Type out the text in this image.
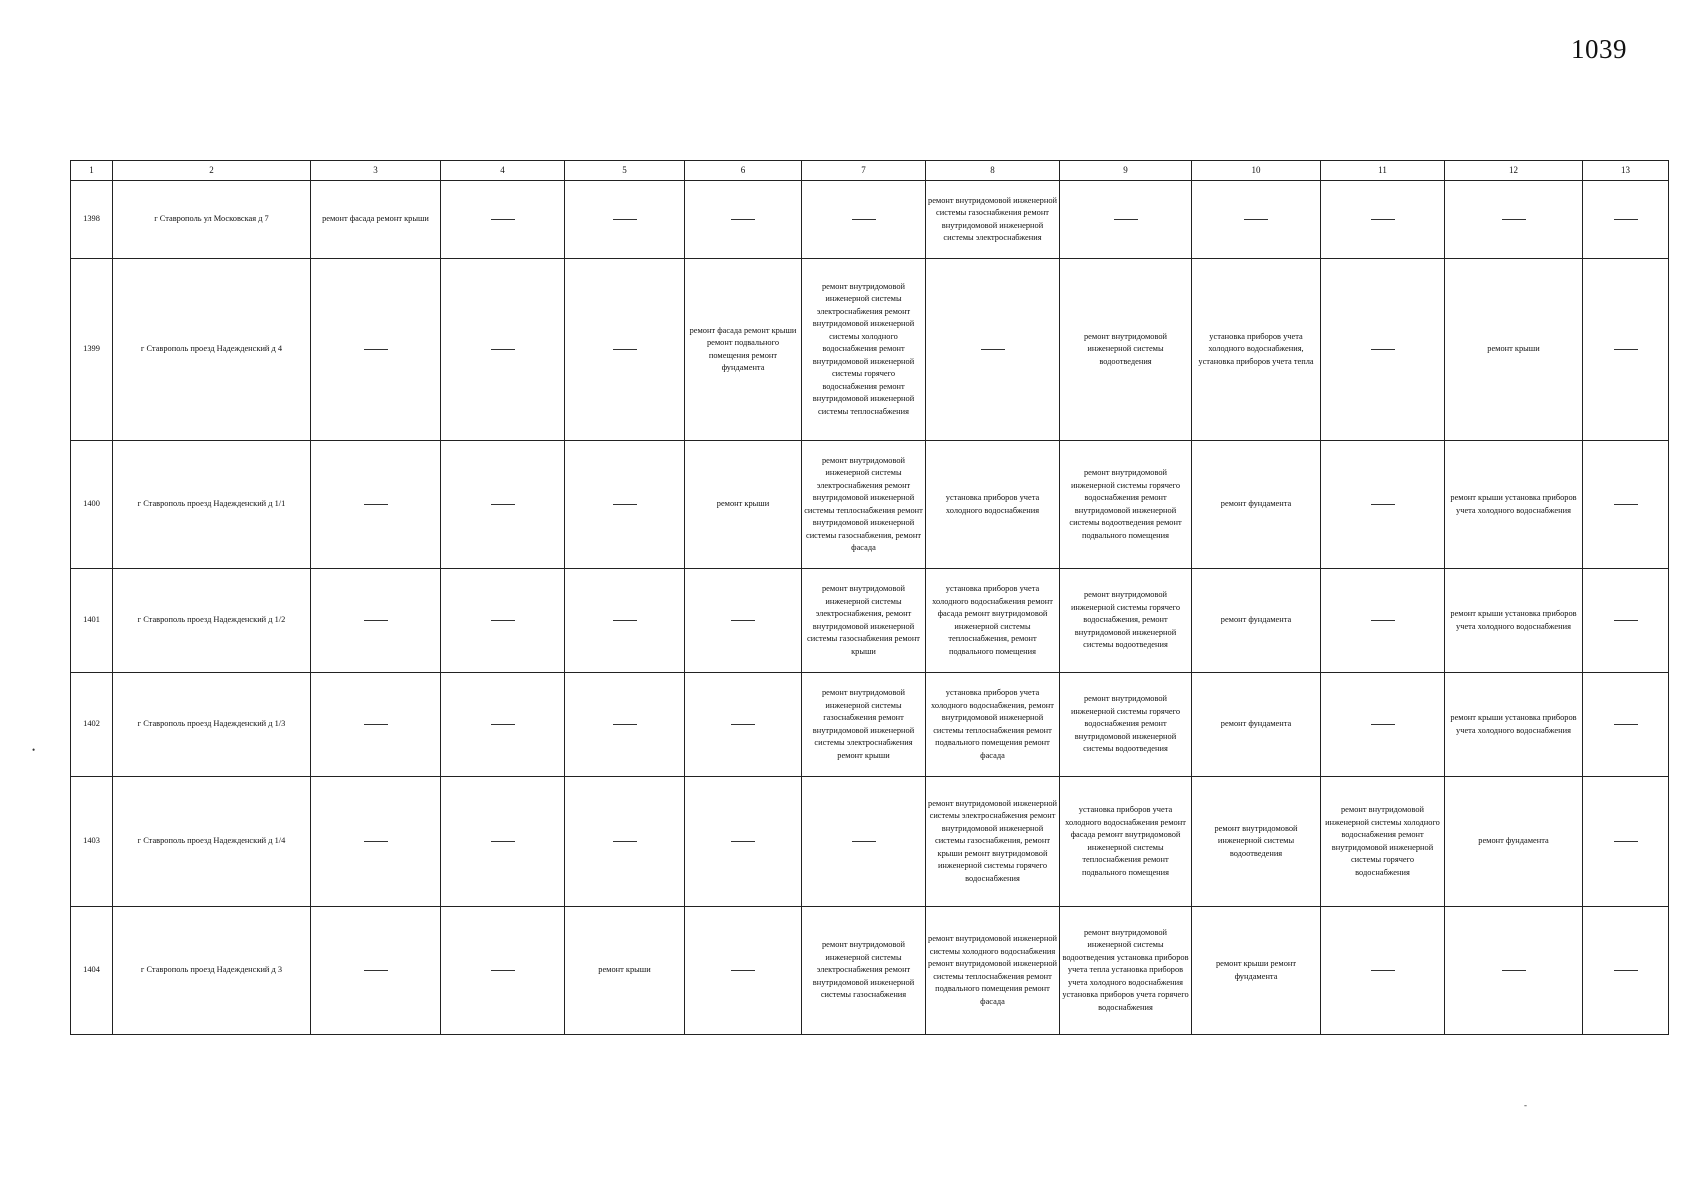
1039
•
-
1	2	3	4	5	6	7	8	9	10	11	12	13
1398	г Ставрополь ул Московская д 7	ремонт фасада ремонт крыши					ремонт внутридомовой инженерной системы газоснабжения ремонт внутридомовой инженерной системы электроснабжения					
1399	г Ставрополь проезд Надежденский д 4				ремонт фасада ремонт крыши ремонт подвального помещения ремонт фундамента	ремонт внутридомовой инженерной системы электроснабжения ремонт внутридомовой инженерной системы холодного водоснабжения ремонт внутридомовой инженерной системы горячего водоснабжения ремонт внутридомовой инженерной системы теплоснабжения		ремонт внутридомовой инженерной системы водоотведения	установка приборов учета холодного водоснабжения, установка приборов учета тепла		ремонт крыши	
1400	г Ставрополь проезд Надежденский д 1/1				ремонт крыши	ремонт внутридомовой инженерной системы электроснабжения ремонт внутридомовой инженерной системы теплоснабжения ремонт внутридомовой инженерной системы газоснабжения, ремонт фасада	установка приборов учета холодного водоснабжения	ремонт внутридомовой инженерной системы горячего водоснабжения ремонт внутридомовой инженерной системы водоотведения ремонт подвального помещения	ремонт фундамента		ремонт крыши установка приборов учета холодного водоснабжения	
1401	г Ставрополь проезд Надежденский д 1/2					ремонт внутридомовой инженерной системы электроснабжения, ремонт внутридомовой инженерной системы газоснабжения ремонт крыши	установка приборов учета холодного водоснабжения ремонт фасада ремонт внутридомовой инженерной системы теплоснабжения, ремонт подвального помещения	ремонт внутридомовой инженерной системы горячего водоснабжения, ремонт внутридомовой инженерной системы водоотведения	ремонт фундамента		ремонт крыши установка приборов учета холодного водоснабжения	
1402	г Ставрополь проезд Надежденский д 1/3					ремонт внутридомовой инженерной системы газоснабжения ремонт внутридомовой инженерной системы электроснабжения ремонт крыши	установка приборов учета холодного водоснабжения, ремонт внутридомовой инженерной системы теплоснабжения ремонт подвального помещения ремонт фасада	ремонт внутридомовой инженерной системы горячего водоснабжения ремонт внутридомовой инженерной системы водоотведения	ремонт фундамента		ремонт крыши установка приборов учета холодного водоснабжения	
1403	г Ставрополь проезд Надежденский д 1/4						ремонт внутридомовой инженерной системы электроснабжения ремонт внутридомовой инженерной системы газоснабжения, ремонт крыши ремонт внутридомовой инженерной системы горячего водоснабжения	установка приборов учета холодного водоснабжения ремонт фасада ремонт внутридомовой инженерной системы теплоснабжения ремонт подвального помещения	ремонт внутридомовой инженерной системы водоотведения	ремонт внутридомовой инженерной системы холодного водоснабжения ремонт внутридомовой инженерной системы горячего водоснабжения	ремонт фундамента	
1404	г Ставрополь проезд Надежденский д 3			ремонт крыши		ремонт внутридомовой инженерной системы электроснабжения ремонт внутридомовой инженерной системы газоснабжения	ремонт внутридомовой инженерной системы холодного водоснабжения ремонт внутридомовой инженерной системы теплоснабжения ремонт подвального помещения ремонт фасада	ремонт внутридомовой инженерной системы водоотведения установка приборов учета тепла установка приборов учета холодного водоснабжения установка приборов учета горячего водоснабжения	ремонт крыши ремонт фундамента			
